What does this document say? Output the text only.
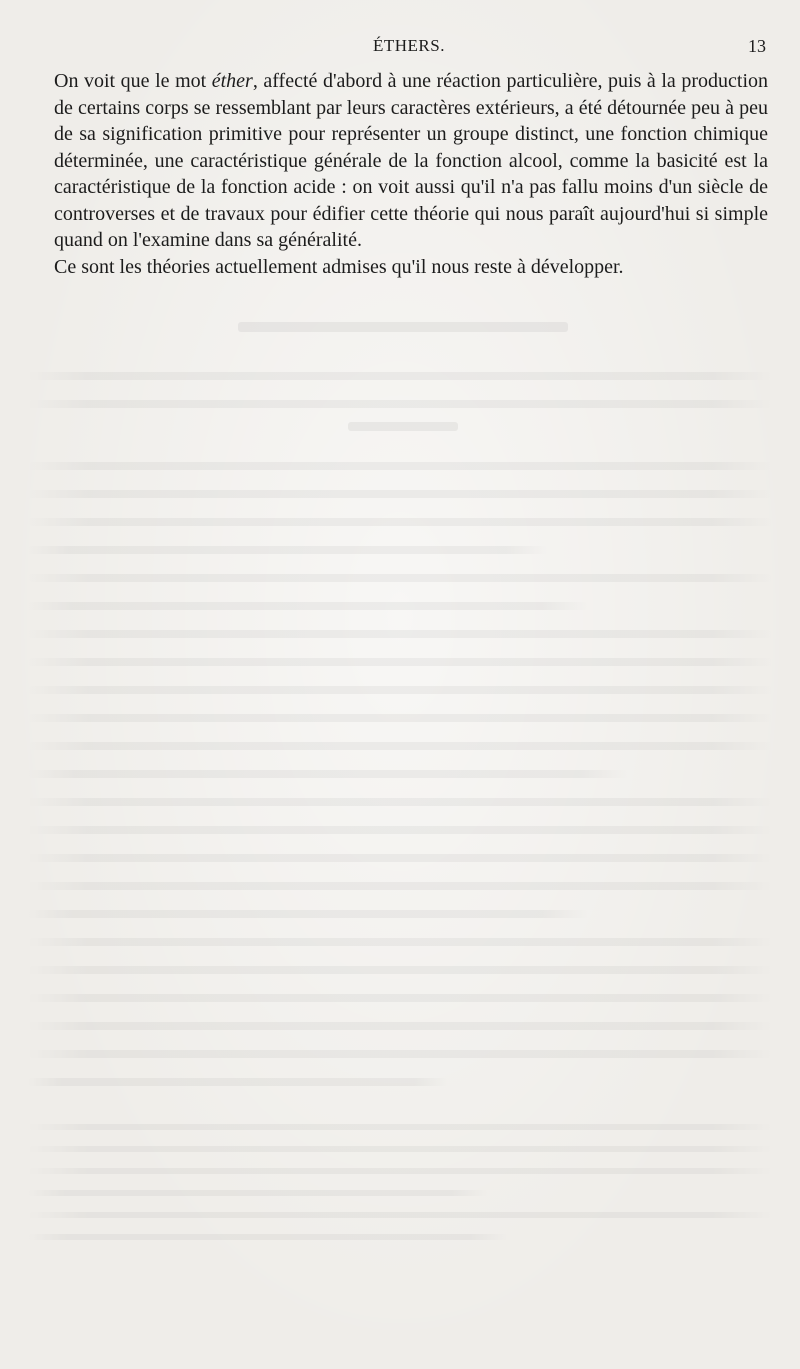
ÉTHERS.	13

On voit que le mot éther, affecté d'abord à une réaction particulière, puis à la production de certains corps se ressemblant par leurs caractères extérieurs, a été détournée peu à peu de sa signification primitive pour représenter un groupe distinct, une fonction chimique déterminée, une caractéristique générale de la fonction alcool, comme la basicité est la caractéristique de la fonction acide : on voit aussi qu'il n'a pas fallu moins d'un siècle de controverses et de travaux pour édifier cette théorie qui nous paraît aujourd'hui si simple quand on l'examine dans sa généralité.

Ce sont les théories actuellement admises qu'il nous reste à développer.
